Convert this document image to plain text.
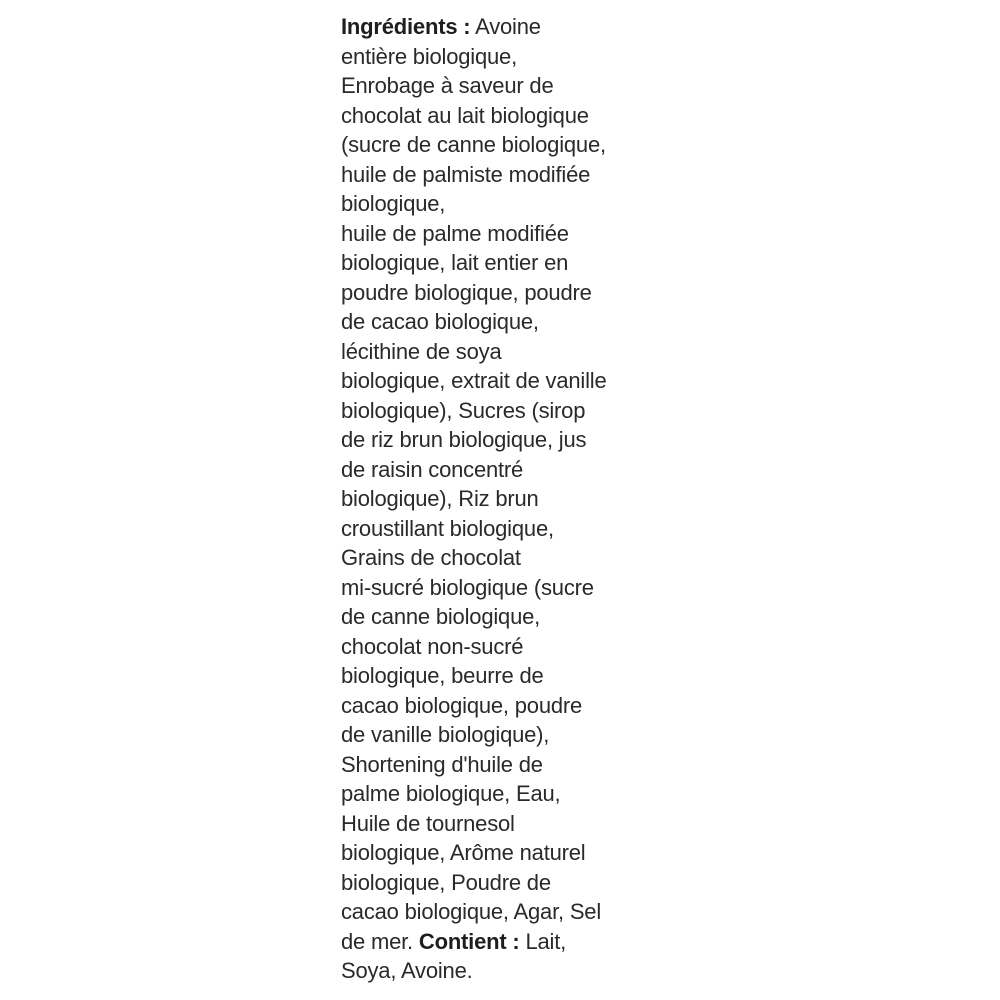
Ingrédients : Avoine
entière biologique,
Enrobage à saveur de
chocolat au lait biologique
(sucre de canne biologique,
huile de palmiste modifiée
biologique,
huile de palme modifiée
biologique, lait entier en
poudre biologique, poudre
de cacao biologique,
lécithine de soya
biologique, extrait de vanille
biologique), Sucres (sirop
de riz brun biologique, jus
de raisin concentré
biologique), Riz brun
croustillant biologique,
Grains de chocolat
mi-sucré biologique (sucre
de canne biologique,
chocolat non-sucré
biologique, beurre de
cacao biologique, poudre
de vanille biologique),
Shortening d'huile de
palme biologique, Eau,
Huile de tournesol
biologique, Arôme naturel
biologique, Poudre de
cacao biologique, Agar, Sel
de mer. Contient : Lait,
Soya, Avoine.
